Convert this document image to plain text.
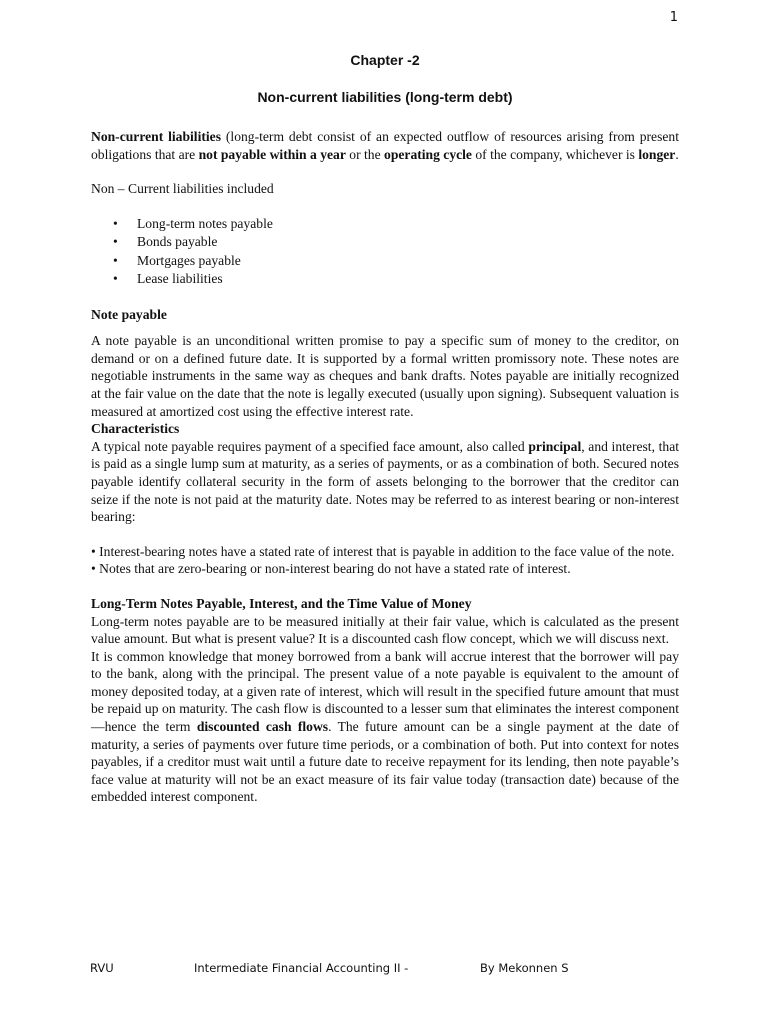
1
Chapter -2
Non-current liabilities (long-term debt)

Non-current liabilities (long-term debt consist of an expected outflow of resources arising from present obligations that are not payable within a year or the operating cycle of the company, whichever is longer.

Non – Current liabilities included

• Long-term notes payable
• Bonds payable
• Mortgages payable
• Lease liabilities
Note payable

A note payable is an unconditional written promise to pay a specific sum of money to the creditor, on demand or on a defined future date. It is supported by a formal written promissory note. These notes are negotiable instruments in the same way as cheques and bank drafts. Notes payable are initially recognized at the fair value on the date that the note is legally executed (usually upon signing). Subsequent valuation is measured at amortized cost using the effective interest rate.

Characteristics

A typical note payable requires payment of a specified face amount, also called principal, and interest, that is paid as a single lump sum at maturity, as a series of payments, or as a combination of both. Secured notes payable identify collateral security in the form of assets belonging to the borrower that the creditor can seize if the note is not paid at the maturity date. Notes may be referred to as interest bearing or non-interest bearing:

• Interest-bearing notes have a stated rate of interest that is payable in addition to the face value of the note.

• Notes that are zero-bearing or non-interest bearing do not have a stated rate of interest.

Long-Term Notes Payable, Interest, and the Time Value of Money

Long-term notes payable are to be measured initially at their fair value, which is calculated as the present value amount. But what is present value? It is a discounted cash flow concept, which we will discuss next.

It is common knowledge that money borrowed from a bank will accrue interest that the borrower will pay to the bank, along with the principal. The present value of a note payable is equivalent to the amount of money deposited today, at a given rate of interest, which will result in the specified future amount that must be repaid up on maturity. The cash flow is discounted to a lesser sum that eliminates the interest component—hence the term discounted cash flows. The future amount can be a single payment at the date of maturity, a series of payments over future time periods, or a combination of both. Put into context for notes payables, if a creditor must wait until a future date to receive repayment for its lending, then note payable’s face value at maturity will not be an exact measure of its fair value today (transaction date) because of the embedded interest component.

RVU	Intermediate Financial Accounting II -	By Mekonnen S
